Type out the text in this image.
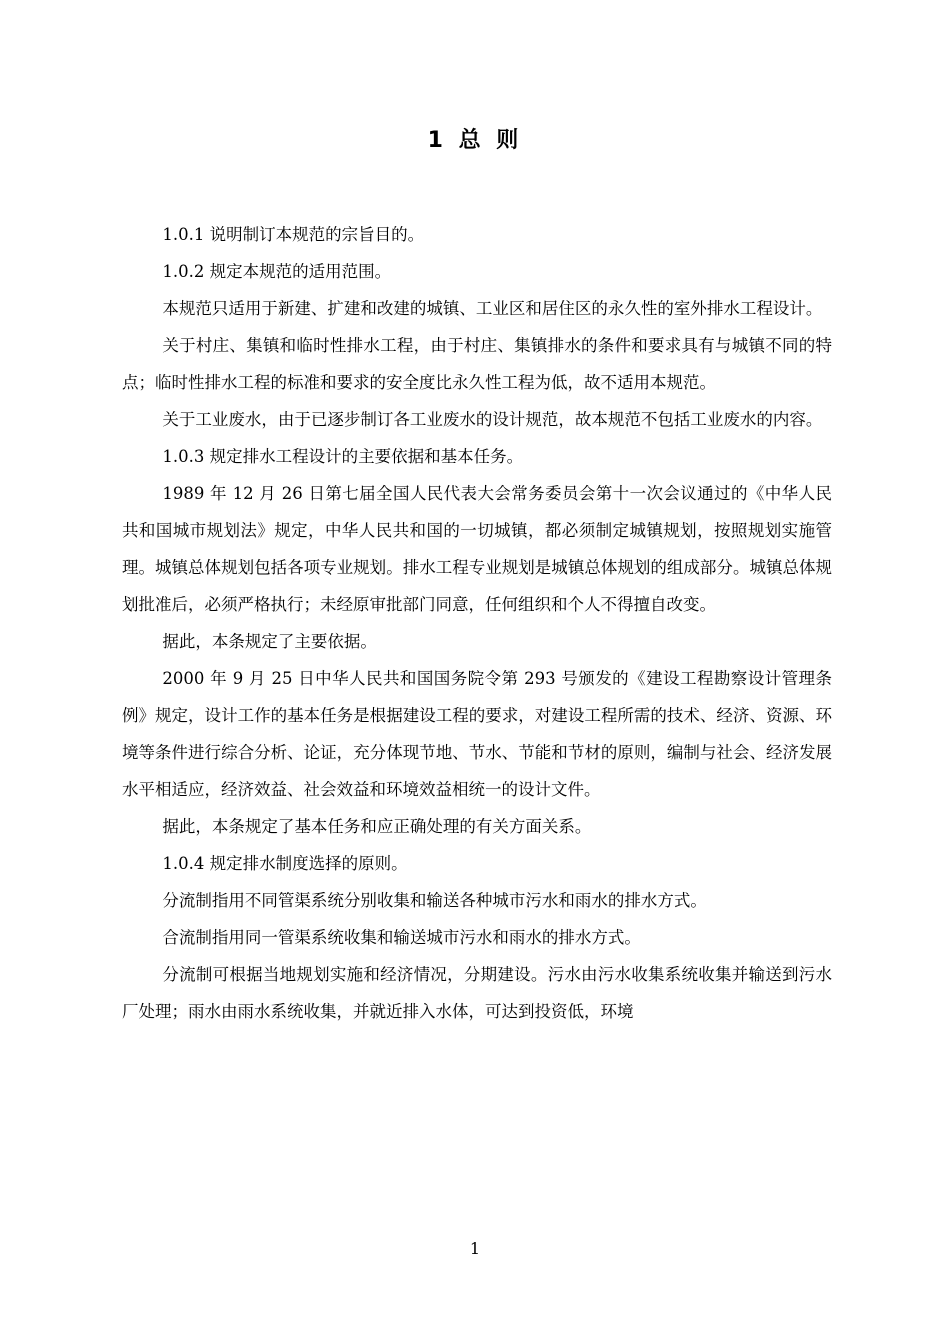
1 总 则

1.0.1 说明制订本规范的宗旨目的。

1.0.2 规定本规范的适用范围。

本规范只适用于新建、扩建和改建的城镇、工业区和居住区的永久性的室外排水工程设计。

关于村庄、集镇和临时性排水工程，由于村庄、集镇排水的条件和要求具有与城镇不同的特点；临时性排水工程的标准和要求的安全度比永久性工程为低，故不适用本规范。

关于工业废水，由于已逐步制订各工业废水的设计规范，故本规范不包括工业废水的内容。

1.0.3 规定排水工程设计的主要依据和基本任务。

1989 年 12 月 26 日第七届全国人民代表大会常务委员会第十一次会议通过的《中华人民共和国城市规划法》规定，中华人民共和国的一切城镇，都必须制定城镇规划，按照规划实施管理。城镇总体规划包括各项专业规划。排水工程专业规划是城镇总体规划的组成部分。城镇总体规划批准后，必须严格执行；未经原审批部门同意，任何组织和个人不得擅自改变。

据此，本条规定了主要依据。

2000 年 9 月 25 日中华人民共和国国务院令第 293 号颁发的《建设工程勘察设计管理条例》规定，设计工作的基本任务是根据建设工程的要求，对建设工程所需的技术、经济、资源、环境等条件进行综合分析、论证，充分体现节地、节水、节能和节材的原则，编制与社会、经济发展水平相适应，经济效益、社会效益和环境效益相统一的设计文件。

据此，本条规定了基本任务和应正确处理的有关方面关系。

1.0.4 规定排水制度选择的原则。

分流制指用不同管渠系统分别收集和输送各种城市污水和雨水的排水方式。

合流制指用同一管渠系统收集和输送城市污水和雨水的排水方式。

分流制可根据当地规划实施和经济情况，分期建设。污水由污水收集系统收集并输送到污水厂处理；雨水由雨水系统收集，并就近排入水体，可达到投资低，环境

1
